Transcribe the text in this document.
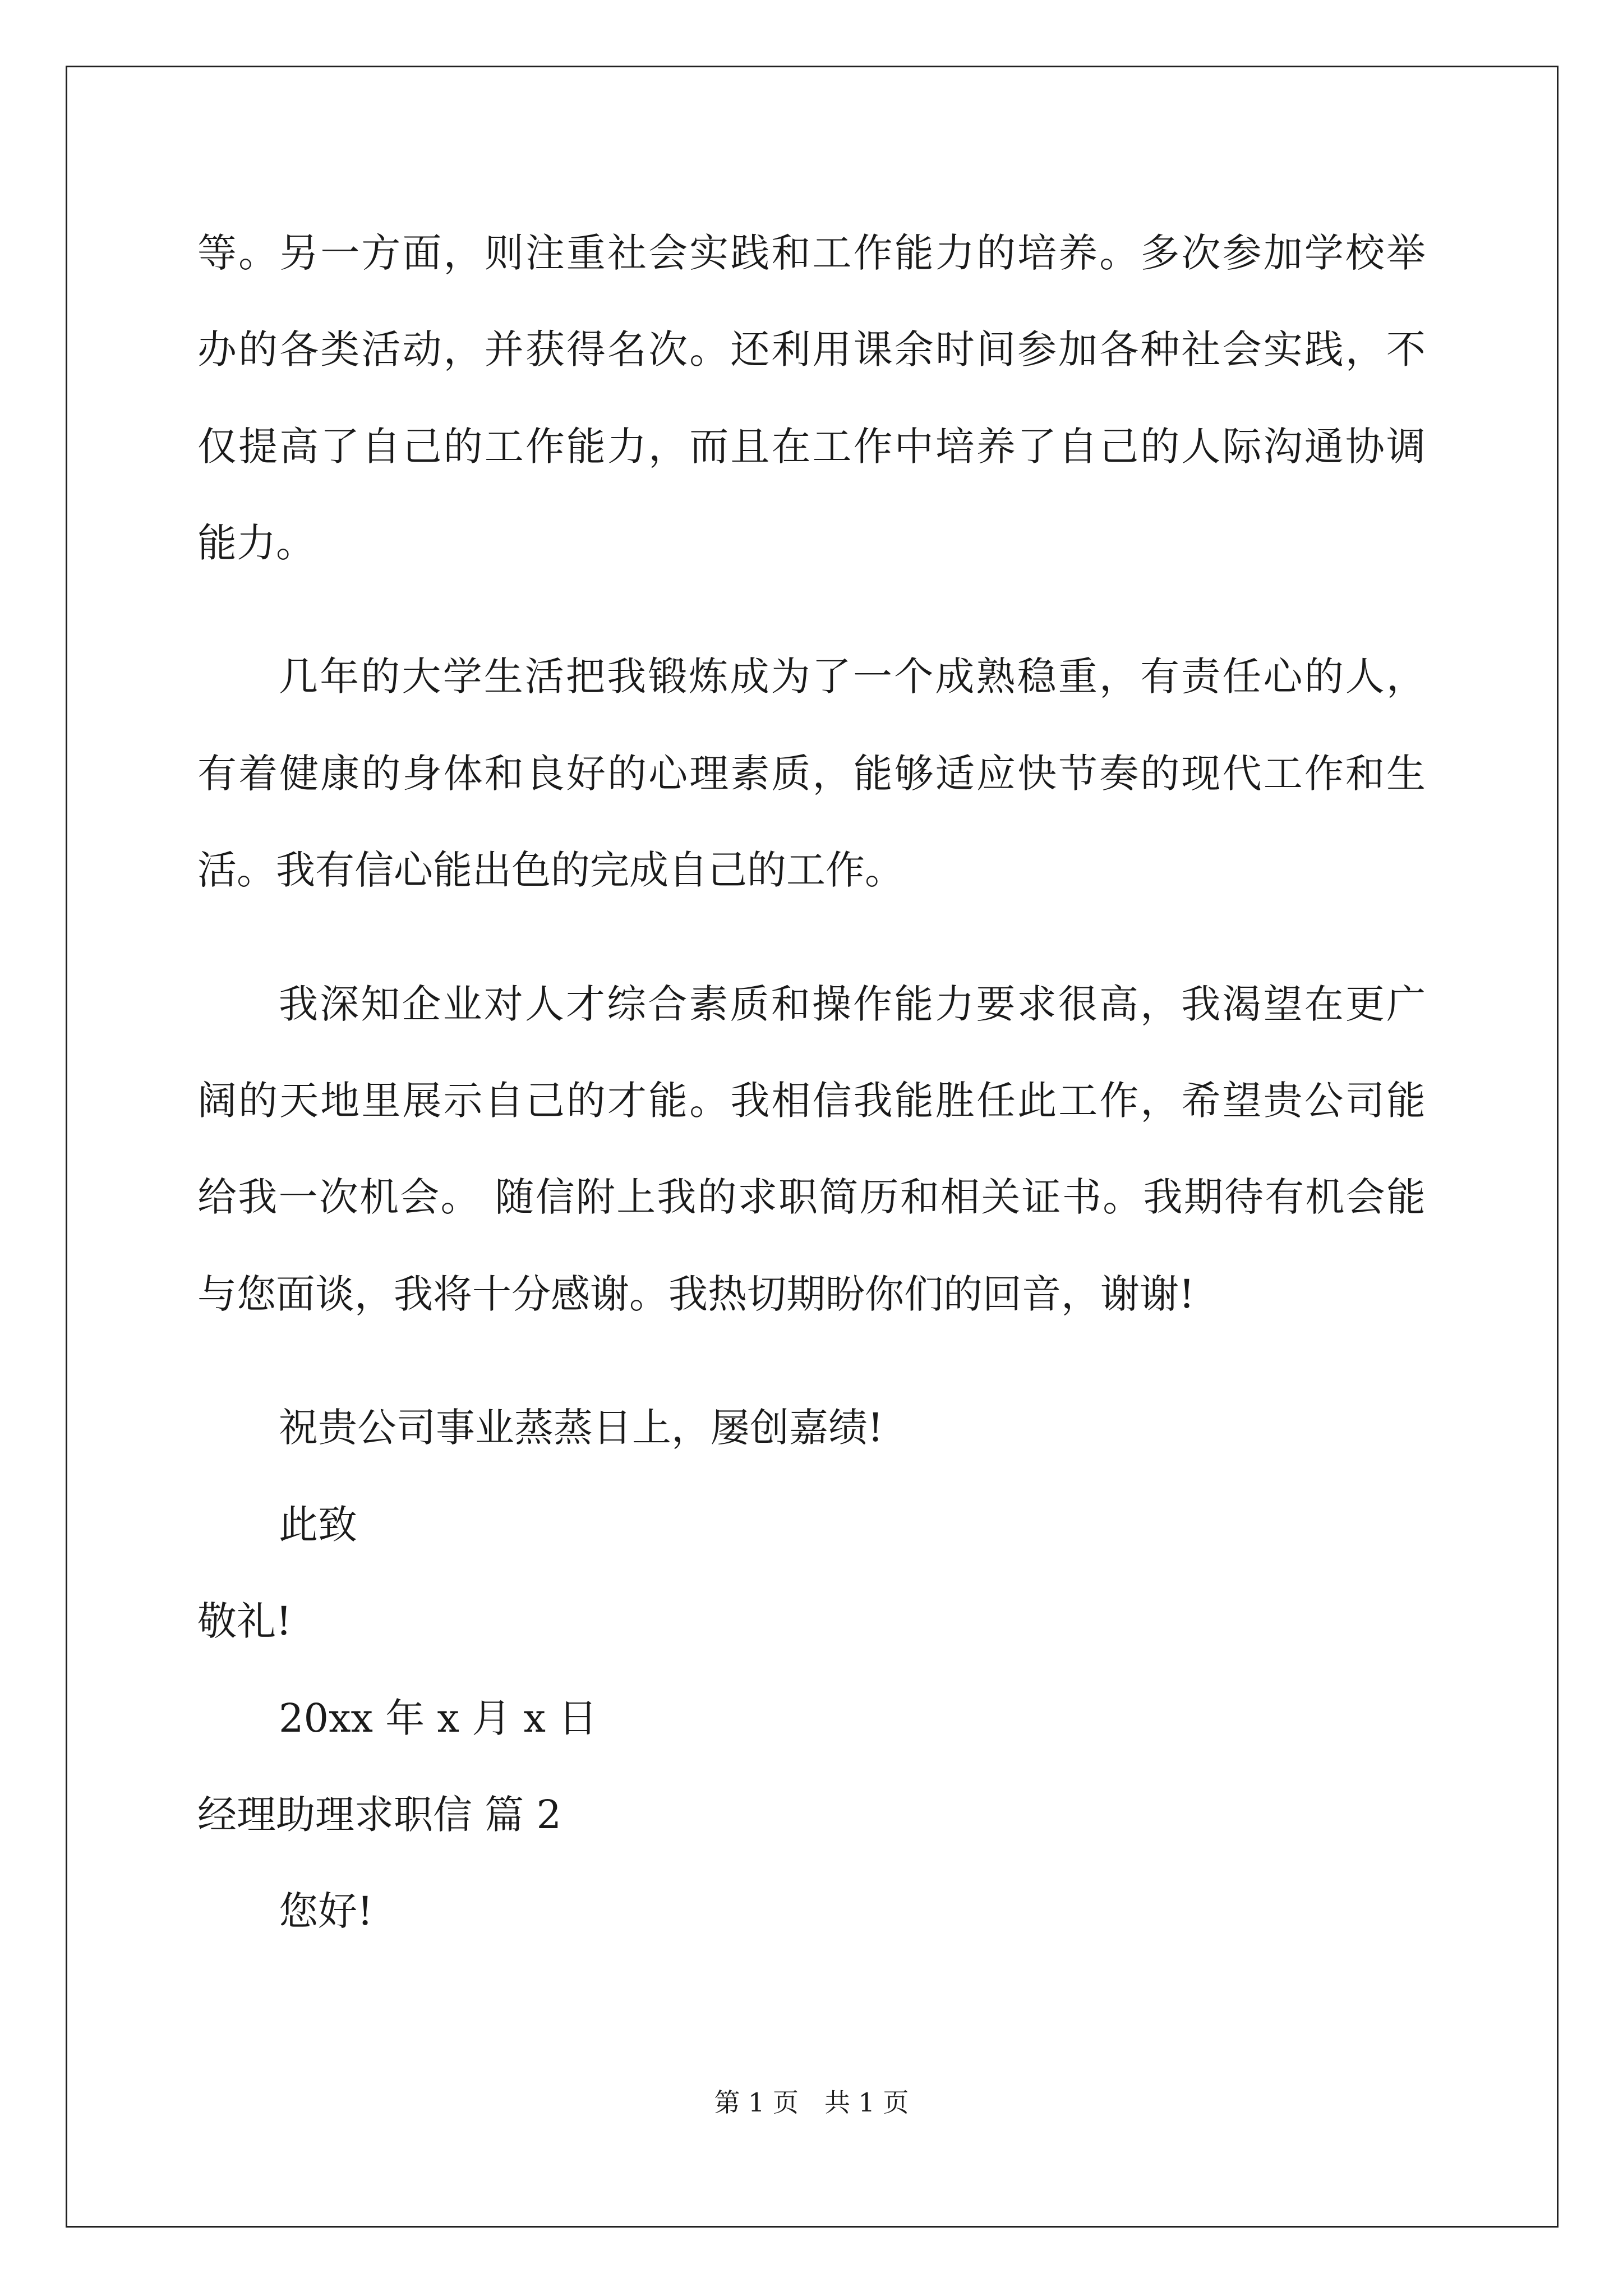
等。另一方面，则注重社会实践和工作能力的培养。多次参加学校举
办的各类活动，并获得名次。还利用课余时间参加各种社会实践，不
仅提高了自己的工作能力，而且在工作中培养了自己的人际沟通协调
能力。
几年的大学生活把我锻炼成为了一个成熟稳重，有责任心的人，
有着健康的身体和良好的心理素质，能够适应快节奏的现代工作和生
活。我有信心能出色的完成自己的工作。
我深知企业对人才综合素质和操作能力要求很高，我渴望在更广
阔的天地里展示自己的才能。我相信我能胜任此工作，希望贵公司能
给我一次机会。 随信附上我的求职简历和相关证书。我期待有机会能
与您面谈，我将十分感谢。我热切期盼你们的回音，谢谢!
祝贵公司事业蒸蒸日上，屡创嘉绩!
此致
敬礼!
20xx 年 x 月 x 日
经理助理求职信 篇 2
您好!
第 1 页　共 1 页
